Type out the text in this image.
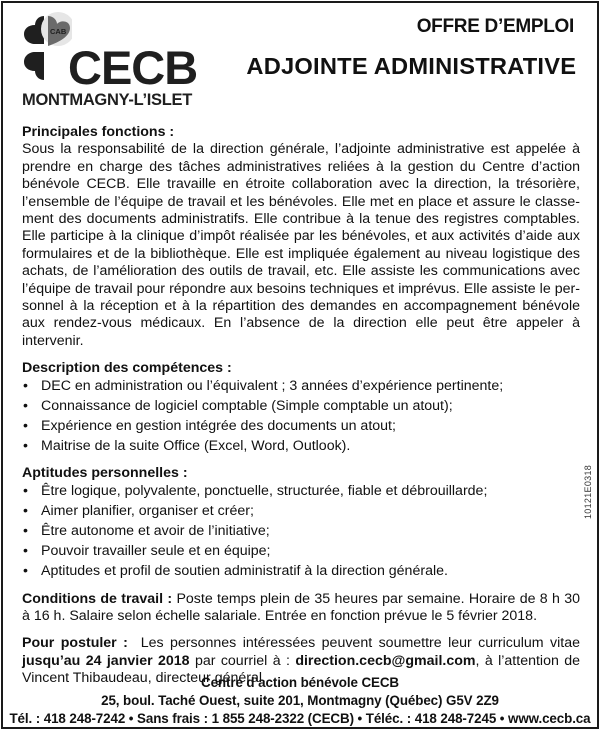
CAB
CECB
MONTMAGNY-L’ISLET
OFFRE D’EMPLOI
ADJOINTE ADMINISTRATIVE

Principales fonctions :

Sous la responsabilité de la direction générale, l’adjointe administrative est appelée à prendre en charge des tâches administratives reliées à la gestion du Centre d’action bénévole CECB. Elle travaille en étroite collaboration avec la direction, la trésorière, l’ensemble de l’équipe de travail et les bénévoles. Elle met en place et assure le classe-ment des documents administratifs. Elle contribue à la tenue des registres comptables. Elle participe à la clinique d’impôt réalisée par les bénévoles, et aux activités d’aide aux formulaires et de la bibliothèque. Elle est impliquée également au niveau logistique des achats, de l’amélioration des outils de travail, etc. Elle assiste les communications avec l’équipe de travail pour répondre aux besoins techniques et imprévus. Elle assiste le per-sonnel à la réception et à la répartition des demandes en accompagnement bénévole aux rendez-vous médicaux. En l’absence de la direction elle peut être appeler à intervenir.

Description des compétences :

• DEC en administration ou l’équivalent ; 3 années d’expérience pertinente;
• Connaissance de logiciel comptable (Simple comptable un atout);
• Expérience en gestion intégrée des documents un atout;
• Maitrise de la suite Office (Excel, Word, Outlook).

Aptitudes personnelles :

• Être logique, polyvalente, ponctuelle, structurée, fiable et débrouillarde;
• Aimer planifier, organiser et créer;
• Être autonome et avoir de l’initiative;
• Pouvoir travailler seule et en équipe;
• Aptitudes et profil de soutien administratif à la direction générale.

Conditions de travail : Poste temps plein de 35 heures par semaine. Horaire de 8 h 30 à 16 h. Salaire selon échelle salariale. Entrée en fonction prévue le 5 février 2018.

Pour postuler : Les personnes intéressées peuvent soumettre leur curriculum vitae jusqu’au 24 janvier 2018 par courriel à : direction.cecb@gmail.com, à l’attention de Vincent Thibaudeau, directeur général.

10121E0318
Centre d’action bénévole CECB
25, boul. Taché Ouest, suite 201, Montmagny (Québec) G5V 2Z9
Tél. : 418 248-7242 • Sans frais : 1 855 248-2322 (CECB) • Téléc. : 418 248-7245 • www.cecb.ca
